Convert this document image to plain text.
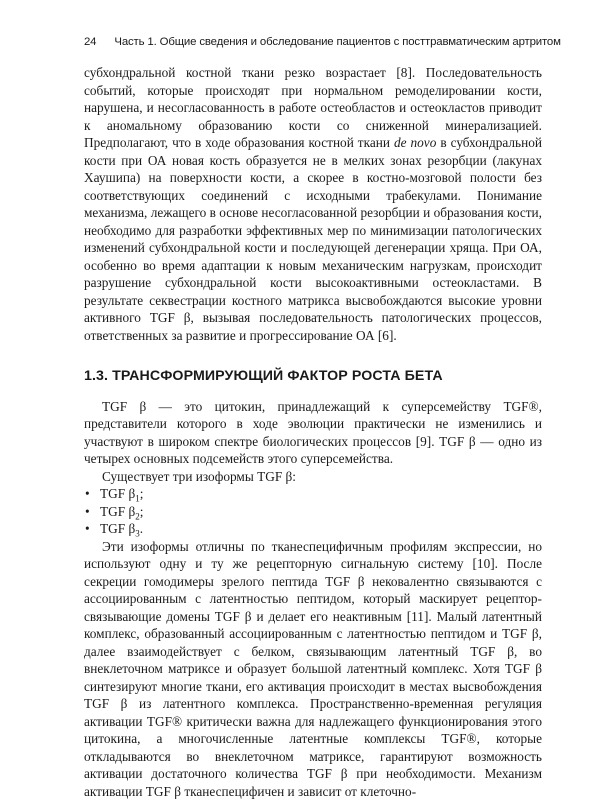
24 Часть 1. Общие сведения и обследование пациентов с посттравматическим артритом

субхондральной костной ткани резко возрастает [8]. Последовательность событий, которые происходят при нормальном ремоделировании кости, нарушена, и несогласованность в работе остеобластов и остеокластов приводит к аномальному образованию кости со сниженной минерализацией. Предполагают, что в ходе образования костной ткани de novo в субхондральной кости при ОА новая кость образуется не в мелких зонах резорбции (лакунах Хаушипа) на поверхности кости, а скорее в костно-мозговой полости без соответствующих соединений с исходными трабекулами. Понимание механизма, лежащего в основе несогласованной резорбции и образования кости, необходимо для разработки эффективных мер по минимизации патологических изменений субхондральной кости и последующей дегенерации хряща. При ОА, особенно во время адаптации к новым механическим нагрузкам, происходит разрушение субхондральной кости высокоактивными остеокластами. В результате секвестрации костного матрикса высвобождаются высокие уровни активного TGF β, вызывая последовательность патологических процессов, ответственных за развитие и прогрессирование ОА [6].

1.3. ТРАНСФОРМИРУЮЩИЙ ФАКТОР РОСТА БЕТА

TGF β — это цитокин, принадлежащий к суперсемейству TGF®, представители которого в ходе эволюции практически не изменились и участвуют в широком спектре биологических процессов [9]. TGF β — одно из четырех основных подсемейств этого суперсемейства.

Существует три изоформы TGF β:

• TGF $\beta_1$;
• TGF $\beta_2$;
• TGF $\beta_3$.

Эти изоформы отличны по тканеспецифичным профилям экспрессии, но используют одну и ту же рецепторную сигнальную систему [10]. После секреции гомодимеры зрелого пептида TGF β нековалентно связываются с ассоциированным с латентностью пептидом, который маскирует рецептор-связывающие домены TGF β и делает его неактивным [11]. Малый латентный комплекс, образованный ассоциированным с латентностью пептидом и TGF β, далее взаимодействует с белком, связывающим латентный TGF β, во внеклеточном матриксе и образует большой латентный комплекс. Хотя TGF β синтезируют многие ткани, его активация происходит в местах высвобождения TGF β из латентного комплекса. Пространственно-временная регуляция активации TGF® критически важна для надлежащего функционирования этого цитокина, а многочисленные латентные комплексы TGF®, которые откладываются во внеклеточном матриксе, гарантируют возможность активации достаточного количества TGF β при необходимости. Механизм активации TGF β тканеспецифичен и зависит от клеточно-
